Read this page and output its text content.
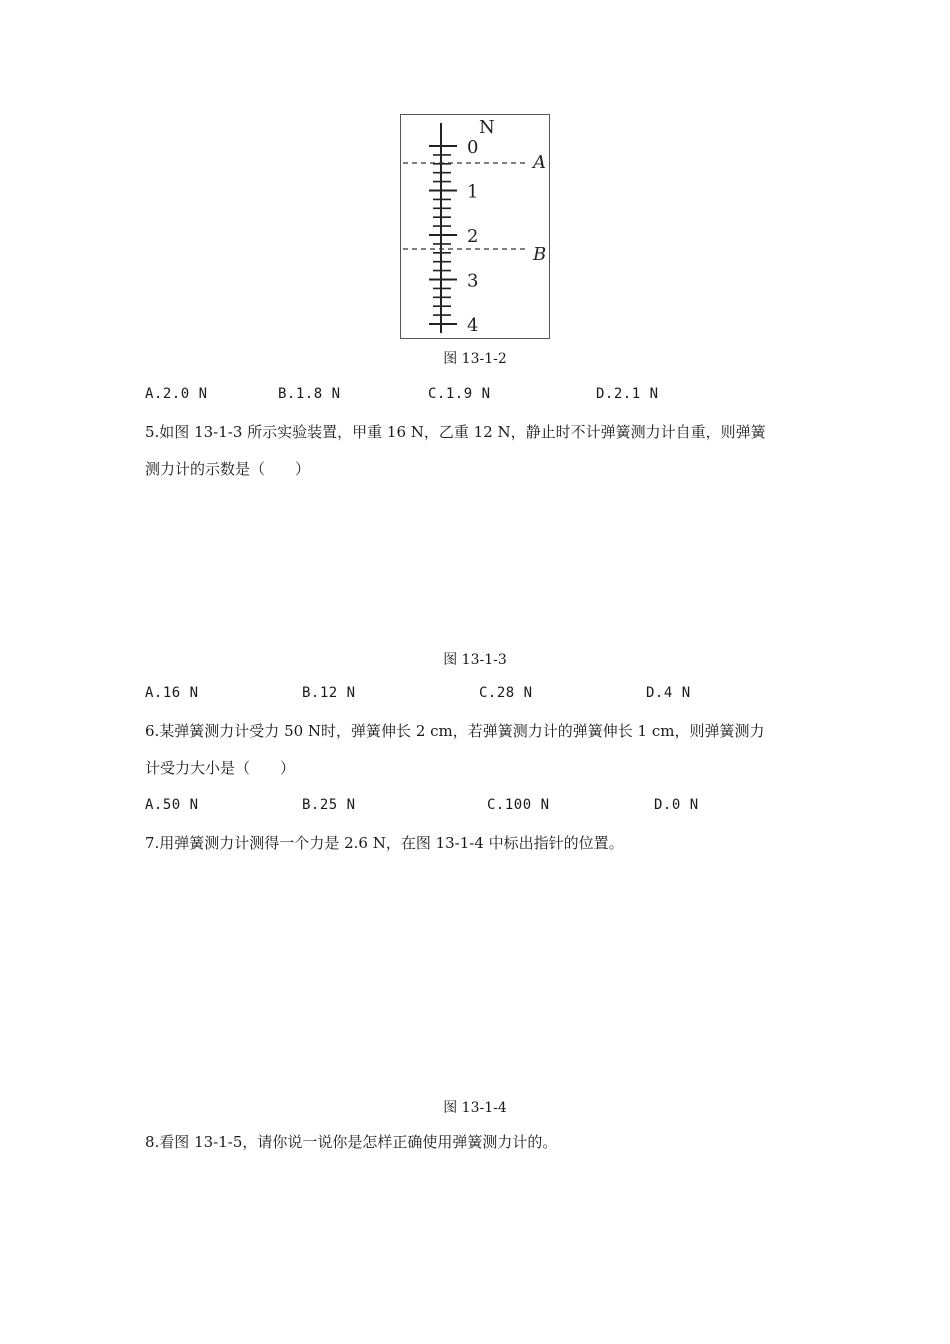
N
0
1
2
3
4
A
B
图 13-1-2
A.2.0 N	B.1.8 N	C.1.9 N	D.2.1 N
5.如图 13-1-3 所示实验装置，甲重 16 N，乙重 12 N，静止时不计弹簧测力计自重，则弹簧
测力计的示数是（　　）
图 13-1-3
A.16 N	B.12 N	C.28 N	D.4 N
6.某弹簧测力计受力 50 N时，弹簧伸长 2 cm，若弹簧测力计的弹簧伸长 1 cm，则弹簧测力
计受力大小是（　　）
A.50 N	B.25 N	C.100 N	D.0 N
7.用弹簧测力计测得一个力是 2.6 N，在图 13-1-4 中标出指针的位置。
图 13-1-4
8.看图 13-1-5，请你说一说你是怎样正确使用弹簧测力计的。
